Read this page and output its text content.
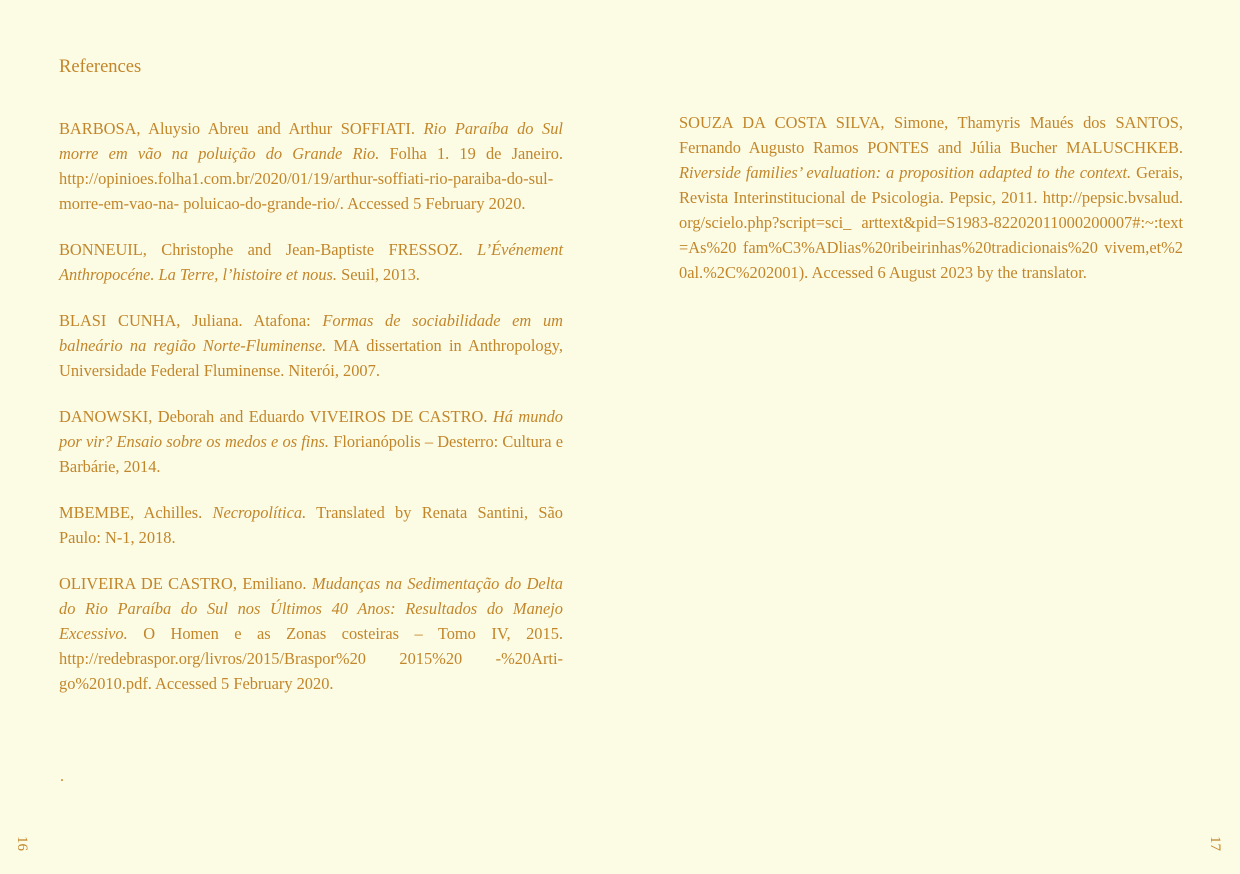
References

BARBOSA, Aluysio Abreu and Arthur SOFFIATI. Rio Paraíba do Sul morre em vão na poluição do Grande Rio. Folha 1. 19 de Janeiro. http://opinioes.folha1.com.br/2020/01/19/arthur-soffiati-rio-paraiba-do-sul-morre-em-vao-na- poluicao-do-grande-rio/. Accessed 5 February 2020.

BONNEUIL, Christophe and Jean-Baptiste FRESSOZ. L’Événement Anthropocéne. La Terre, l’histoire et nous. Seuil, 2013.

BLASI CUNHA, Juliana. Atafona: Formas de sociabilidade em um balneário na região Norte-Fluminense. MA dissertation in Anthropology, Universidade Federal Fluminense. Niterói, 2007.

DANOWSKI, Deborah and Eduardo VIVEIROS DE CASTRO. Há mundo por vir? Ensaio sobre os medos e os fins. Florianópolis – Desterro: Cultura e Barbárie, 2014.

MBEMBE, Achilles. Necropolítica. Translated by Renata Santini, São Paulo: N-1, 2018.

OLIVEIRA DE CASTRO, Emiliano. Mudanças na Sedimentação do Delta do Rio Paraíba do Sul nos Últimos 40 Anos: Resultados do Manejo Excessivo. O Homen e as Zonas costeiras – Tomo IV, 2015. http://redebraspor.org/livros/2015/Braspor%20 2015%20 -%20Arti- go%2010.pdf. Accessed 5 February 2020.

.
16

SOUZA DA COSTA SILVA, Simone, Thamyris Maués dos SANTOS, Fernando Augusto Ramos PONTES and Júlia Bucher MALUSCHKEB. Riverside families’ evaluation: a proposition adapted to the context. Gerais, Revista Interinstitucional de Psicologia. Pepsic, 2011. http://pepsic.bvsalud.org/scielo.php?script=sci_ arttext&pid=S1983-82202011000200007#:~:text=As%20 fam%C3%ADlias%20ribeirinhas%20tradicionais%20 vivem,et%20al.%2C%202001). Accessed 6 August 2023 by the translator.

17
